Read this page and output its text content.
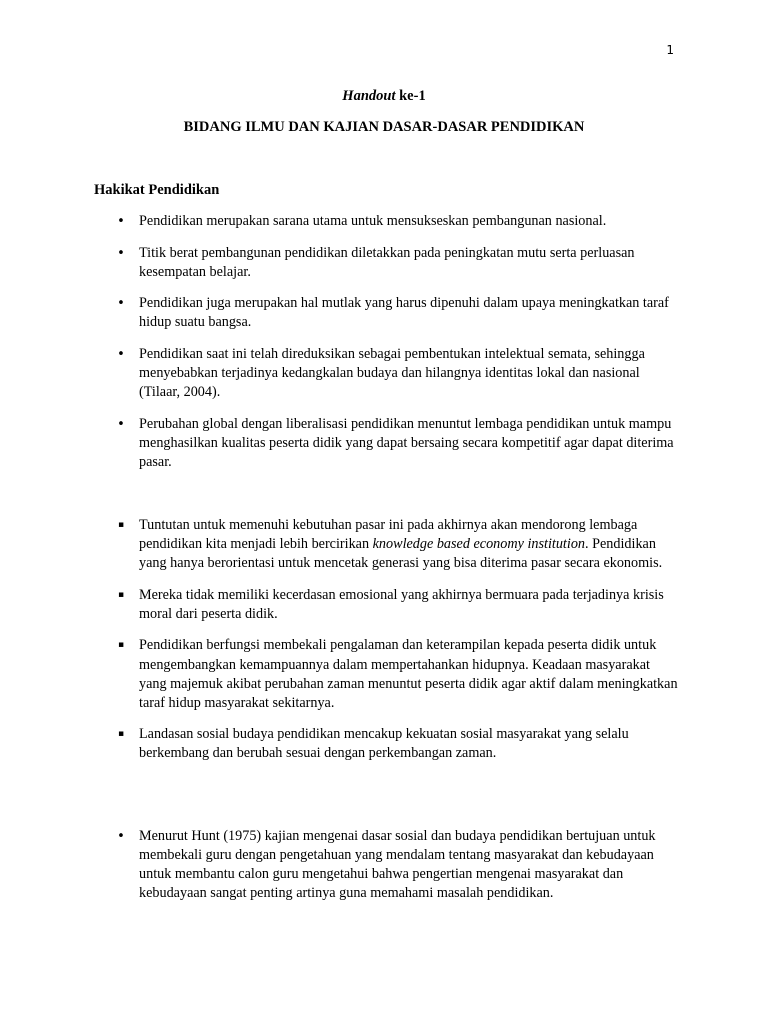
1
Handout ke-1
BIDANG ILMU DAN KAJIAN DASAR-DASAR PENDIDIKAN
Hakikat Pendidikan
• Pendidikan merupakan sarana utama untuk mensukseskan pembangunan nasional.
• Titik berat pembangunan pendidikan diletakkan pada peningkatan mutu serta perluasan kesempatan belajar.
• Pendidikan juga merupakan hal mutlak yang harus dipenuhi dalam upaya meningkatkan taraf hidup suatu bangsa.
• Pendidikan saat ini telah direduksikan sebagai pembentukan intelektual semata, sehingga menyebabkan terjadinya kedangkalan budaya dan hilangnya identitas lokal dan nasional (Tilaar, 2004).
• Perubahan global dengan liberalisasi pendidikan menuntut lembaga pendidikan untuk mampu menghasilkan kualitas peserta didik yang dapat bersaing secara kompetitif agar dapat diterima pasar.
▪ Tuntutan untuk memenuhi kebutuhan pasar ini pada akhirnya akan mendorong lembaga pendidikan kita menjadi lebih bercirikan knowledge based economy institution. Pendidikan yang hanya berorientasi untuk mencetak generasi yang bisa diterima pasar secara ekonomis.
▪ Mereka tidak memiliki kecerdasan emosional yang akhirnya bermuara pada terjadinya krisis moral dari peserta didik.
▪ Pendidikan berfungsi membekali pengalaman dan keterampilan kepada peserta didik untuk mengembangkan kemampuannya dalam mempertahankan hidupnya. Keadaan masyarakat yang majemuk akibat perubahan zaman menuntut peserta didik agar aktif dalam meningkatkan taraf hidup masyarakat sekitarnya.
▪ Landasan sosial budaya pendidikan mencakup kekuatan sosial masyarakat yang selalu berkembang dan berubah sesuai dengan perkembangan zaman.
• Menurut Hunt (1975) kajian mengenai dasar sosial dan budaya pendidikan bertujuan untuk membekali guru dengan pengetahuan yang mendalam tentang masyarakat dan kebudayaan untuk membantu calon guru mengetahui bahwa pengertian mengenai masyarakat dan kebudayaan sangat penting artinya guna memahami masalah pendidikan.
